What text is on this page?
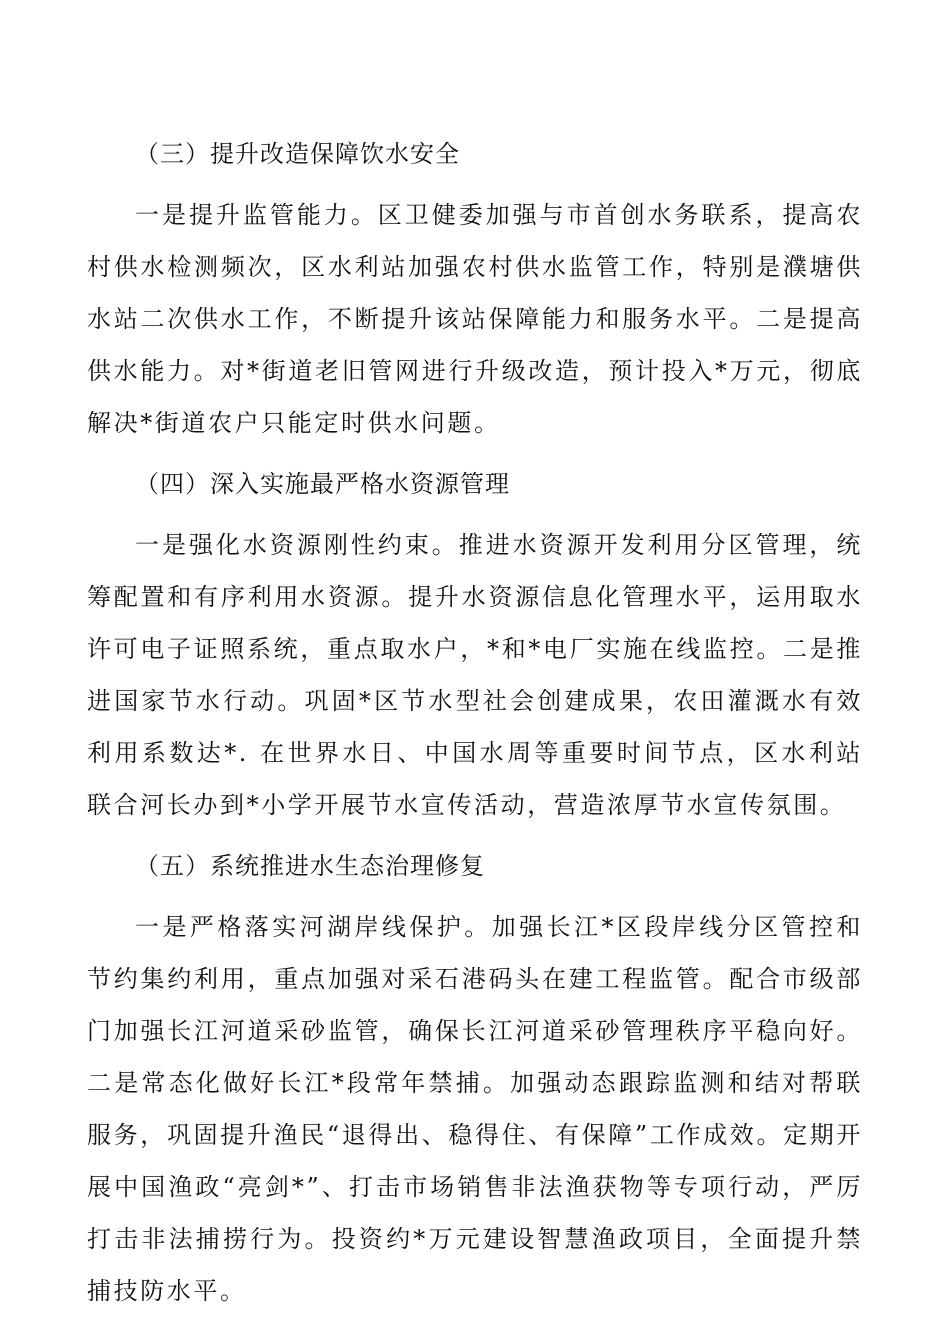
（三）提升改造保障饮水安全
一是提升监管能力。区卫健委加强与市首创水务联系，提高农村供水检测频次，区水利站加强农村供水监管工作，特别是濮塘供水站二次供水工作，不断提升该站保障能力和服务水平。二是提高供水能力。对*街道老旧管网进行升级改造，预计投入*万元，彻底解决*街道农户只能定时供水问题。
（四）深入实施最严格水资源管理
一是强化水资源刚性约束。推进水资源开发利用分区管理，统筹配置和有序利用水资源。提升水资源信息化管理水平，运用取水许可电子证照系统，重点取水户，*和*电厂实施在线监控。二是推进国家节水行动。巩固*区节水型社会创建成果，农田灌溉水有效利用系数达*. 在世界水日、中国水周等重要时间节点，区水利站联合河长办到*小学开展节水宣传活动，营造浓厚节水宣传氛围。
（五）系统推进水生态治理修复
一是严格落实河湖岸线保护。加强长江*区段岸线分区管控和节约集约利用，重点加强对采石港码头在建工程监管。配合市级部门加强长江河道采砂监管，确保长江河道采砂管理秩序平稳向好。二是常态化做好长江*段常年禁捕。加强动态跟踪监测和结对帮联服务，巩固提升渔民“退得出、稳得住、有保障”工作成效。定期开展中国渔政“亮剑*”、打击市场销售非法渔获物等专项行动，严厉打击非法捕捞行为。投资约*万元建设智慧渔政项目，全面提升禁捕技防水平。
